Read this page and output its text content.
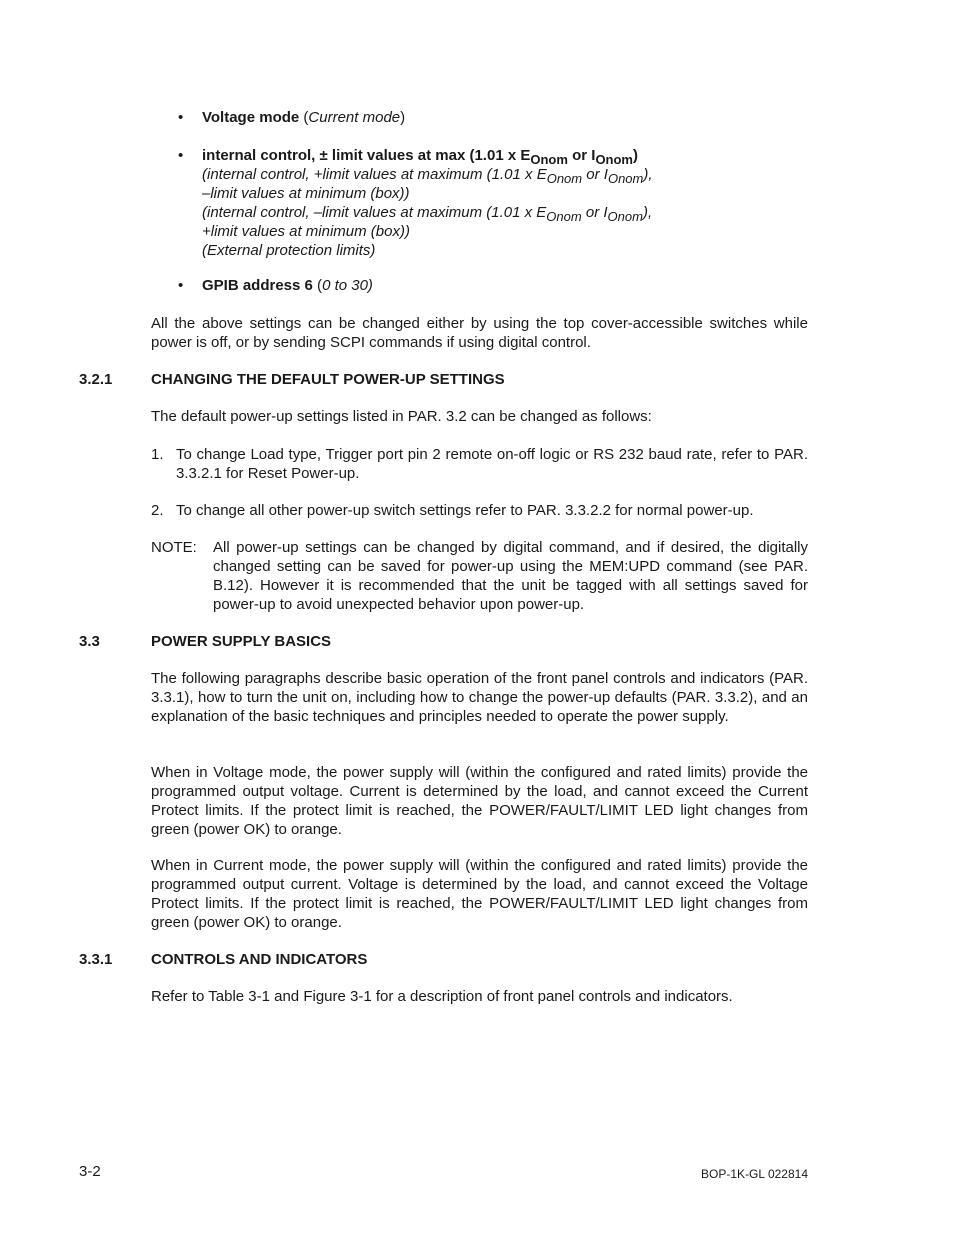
• Voltage mode (Current mode)
• internal control, ± limit values at max (1.01 x $E_{Onom}$ or $I_{Onom}$)
(internal control, +limit values at maximum (1.01 x $E_{Onom}$ or $I_{Onom}$),
–limit values at minimum (box))
(internal control, –limit values at maximum (1.01 x $E_{Onom}$ or $I_{Onom}$),
+limit values at minimum (box))
(External protection limits)
• GPIB address 6 (0 to 30)
All the above settings can be changed either by using the top cover-accessible switches while power is off, or by sending SCPI commands if using digital control.
3.2.1	CHANGING THE DEFAULT POWER-UP SETTINGS
The default power-up settings listed in PAR. 3.2 can be changed as follows:
1. To change Load type, Trigger port pin 2 remote on-off logic or RS 232 baud rate, refer to PAR. 3.3.2.1 for Reset Power-up.
2. To change all other power-up switch settings refer to PAR. 3.3.2.2 for normal power-up.
NOTE: All power-up settings can be changed by digital command, and if desired, the digitally changed setting can be saved for power-up using the MEM:UPD command (see PAR. B.12). However it is recommended that the unit be tagged with all settings saved for power-up to avoid unexpected behavior upon power-up.
3.3	POWER SUPPLY BASICS
The following paragraphs describe basic operation of the front panel controls and indicators (PAR. 3.3.1), how to turn the unit on, including how to change the power-up defaults (PAR. 3.3.2), and an explanation of the basic techniques and principles needed to operate the power supply.
When in Voltage mode, the power supply will (within the configured and rated limits) provide the programmed output voltage. Current is determined by the load, and cannot exceed the Current Protect limits. If the protect limit is reached, the POWER/FAULT/LIMIT LED light changes from green (power OK) to orange.
When in Current mode, the power supply will (within the configured and rated limits) provide the programmed output current. Voltage is determined by the load, and cannot exceed the Voltage Protect limits. If the protect limit is reached, the POWER/FAULT/LIMIT LED light changes from green (power OK) to orange.
3.3.1	CONTROLS AND INDICATORS
Refer to Table 3-1 and Figure 3-1 for a description of front panel controls and indicators.
3-2	BOP-1K-GL 022814
